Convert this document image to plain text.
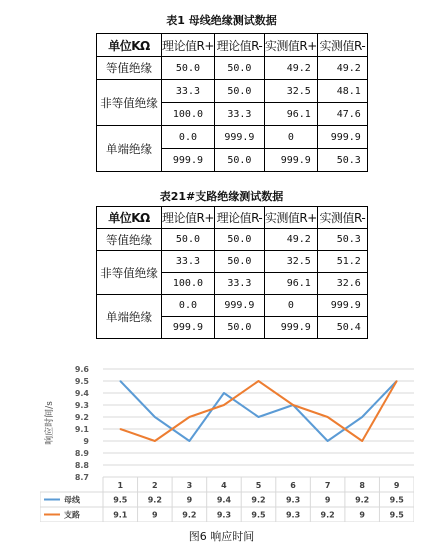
表1 母线绝缘测试数据
单位KΩ	理论值R+	理论值R-	实测值R+	实测值R-
等值绝缘	50.0	50.0	49.2	49.2
非等值绝缘	33.3	50.0	32.5	48.1
	100.0	33.3	96.1	47.6
单端绝缘	0.0	999.9	0	999.9
	999.9	50.0	999.9	50.3
表21#支路绝缘测试数据
单位KΩ	理论值R+	理论值R-	实测值R+	实测值R-
等值绝缘	50.0	50.0	49.2	50.3
非等值绝缘	33.3	50.0	32.5	51.2
	100.0	33.3	96.1	32.6
单端绝缘	0.0	999.9	0	999.9
	999.9	50.0	999.9	50.4
8.7
8.8
8.9
9
9.1
9.2
9.3
9.4
9.5
9.6
响应时间/s
1	2	3	4	5	6	7	8	9
母线	9.5	9.2	9	9.4	9.2	9.3	9	9.2	9.5
支路	9.1	9	9.2	9.3	9.5	9.3	9.2	9	9.5
图6 响应时间
